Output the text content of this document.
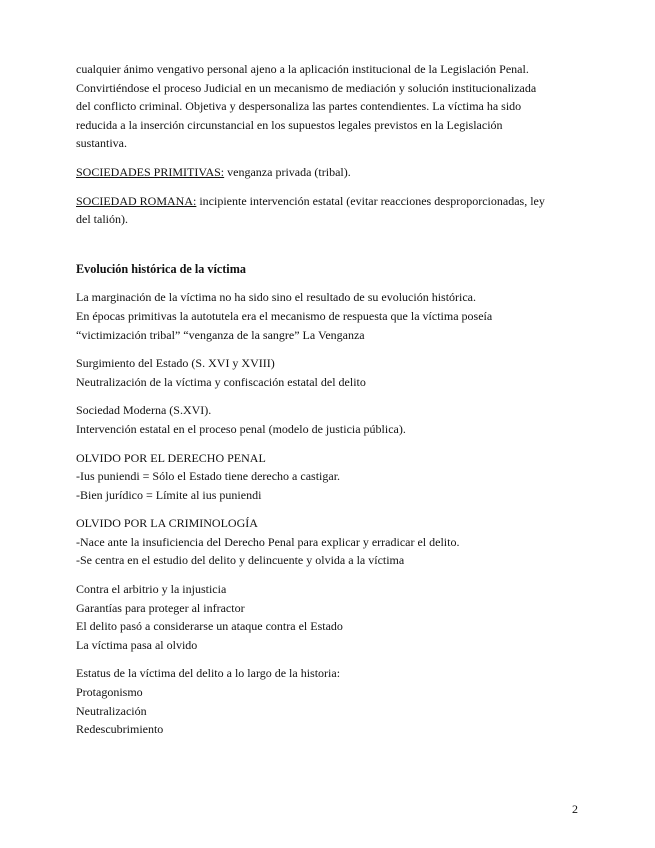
cualquier ánimo vengativo personal ajeno a la aplicación institucional de la Legislación Penal.
Convirtiéndose el proceso Judicial en un mecanismo de mediación y solución institucionalizada
del conflicto criminal. Objetiva y despersonaliza las partes contendientes. La víctima ha sido
reducida a la inserción circunstancial en los supuestos legales previstos en la Legislación
sustantiva.
SOCIEDADES PRIMITIVAS: venganza privada (tribal).
SOCIEDAD ROMANA: incipiente intervención estatal (evitar reacciones desproporcionadas, ley
del talión).
Evolución histórica de la víctima
La marginación de la víctima no ha sido sino el resultado de su evolución histórica.
En épocas primitivas la autotutela era el mecanismo de respuesta que la víctima poseía
“victimización tribal” “venganza de la sangre” La Venganza
Surgimiento del Estado (S. XVI y XVIII)
Neutralización de la víctima y confiscación estatal del delito
Sociedad Moderna (S.XVI).
Intervención estatal en el proceso penal (modelo de justicia pública).
OLVIDO POR EL DERECHO PENAL
-Ius puniendi = Sólo el Estado tiene derecho a castigar.
-Bien jurídico = Límite al ius puniendi
OLVIDO POR LA CRIMINOLOGÍA
-Nace ante la insuficiencia del Derecho Penal para explicar y erradicar el delito.
-Se centra en el estudio del delito y delincuente y olvida a la víctima
Contra el arbitrio y la injusticia
Garantías para proteger al infractor
El delito pasó a considerarse un ataque contra el Estado
La víctima pasa al olvido
Estatus de la víctima del delito a lo largo de la historia:
Protagonismo
Neutralización
Redescubrimiento
2
